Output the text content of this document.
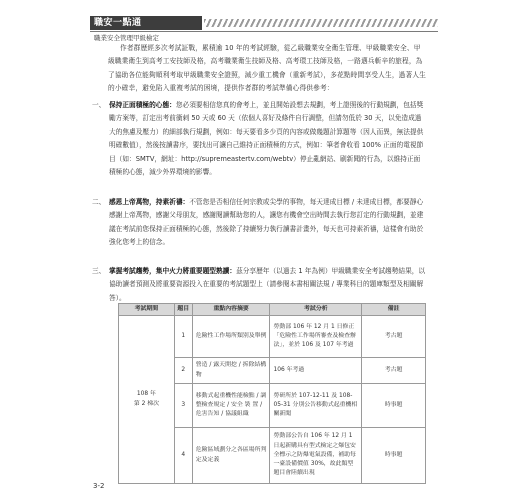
職安一點通
職業安全管理甲級檢定

作者群歷經多次考試証戰，累積逾 10 年的考試經驗，從乙級職業安全衛生管理、甲級職業安全、甲級職業衛生到高考工安技師及格，高考職業衛生技師及格、高考環工技師及格，一路邁兵斬辛的旅程，為了協助各位能夠順利考取甲級職業安全證照，減少重工機會（重新考試），多花點時間享受人生，過著人生的小確幸，避免陷入重複考試的困境，提供作者群的考試準備心得供參考：

一、 保持正面積極的心態：您必須要相信您真的會考上，並且開始設想去規劃，考上證照後的行動規劃，包括獎勵方案等，訂定出考前衝刺 50 天或 60 天（依個人喜好及條件自行調整，但請勿低於 30 天，以免造成過大的焦慮及壓力）的細部執行規劃，例如：每天要看多少頁的內容或做幾題計算題等（因人而異，無法提供明確數值），然後按讀書序，要找出可讓自己維持正面積極的方式，例如：筆者會收看 100% 正面的電視節目（如：SMTV，網址：http://supremeastertv.com/webtv）停止亂網站、刷新聞的行為，以維持正面積極的心態，減少外界環境的影響。
二、 感恩上帝萬物，持素祈禱：不管您是否相信任何宗教或尖學的事物，每天達成目標 / 未達成目標，都要靜心感謝上帝萬物，感謝父母朋友，感謝閱讀幫助您的人，讓您有機會空出時間去執行您訂定的行動規劃，並建議在考試前您保持正面積極的心態，然後除了持續努力執行讀書計畫外，每天也可持素祈禱，這樣會有助於強化您考上的信念。
三、 掌握考試趨勢，集中火力將重要題型熟讀：茲分享歷年（以過去 1 年為例）甲級職業安全考試趨勢結果，以協助讀者預測及將重要資源投入在重要的考試題型上（請參閱本書相關法規 / 專業科目的題庫類型及相關解答）。
考試期間	題目	重點內容摘要	考試分析	備註
108 年
第 2 梯次	1	危險性工作場所類別及舉例	勞動部 106 年 12 月 1 日修正「危險性工作場所審查及檢查辦法」，並於 106 及 107 年考過	考古題
	2	營造 / 露天開挖 / 拆除結構物	106 年考過	考古題
	3	移動式起重機性能檢點 / 調整檢查規定 / 安全 裝 置 / 危害告知 / 協議組織	勞研所於 107-12-11 及 108-05-31 分別公告移動式起重機相關新聞	時事題
	4	危險區域劃分之各區場所判定及定義	勞動部公告自 106 年 12 月 1 日起新購具有型式檢定之爆包安全標示之防爆電氣設備，補助每一臺設備價值 30%，故此類型題目會陸續出現	時事題
3-2
